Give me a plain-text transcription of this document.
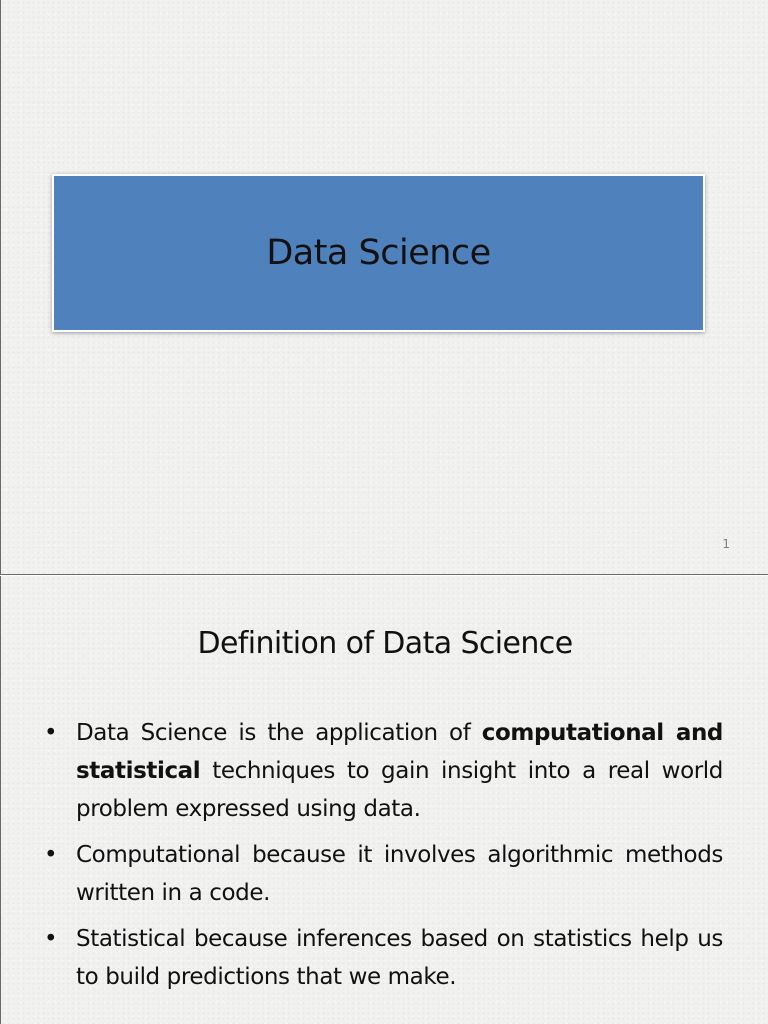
Data Science
1
Definition of Data Science
• Data Science is the application of computational and statistical techniques to gain insight into a real world problem expressed using data.
• Computational because it involves algorithmic methods written in a code.
• Statistical because inferences based on statistics help us to build predictions that we make.
